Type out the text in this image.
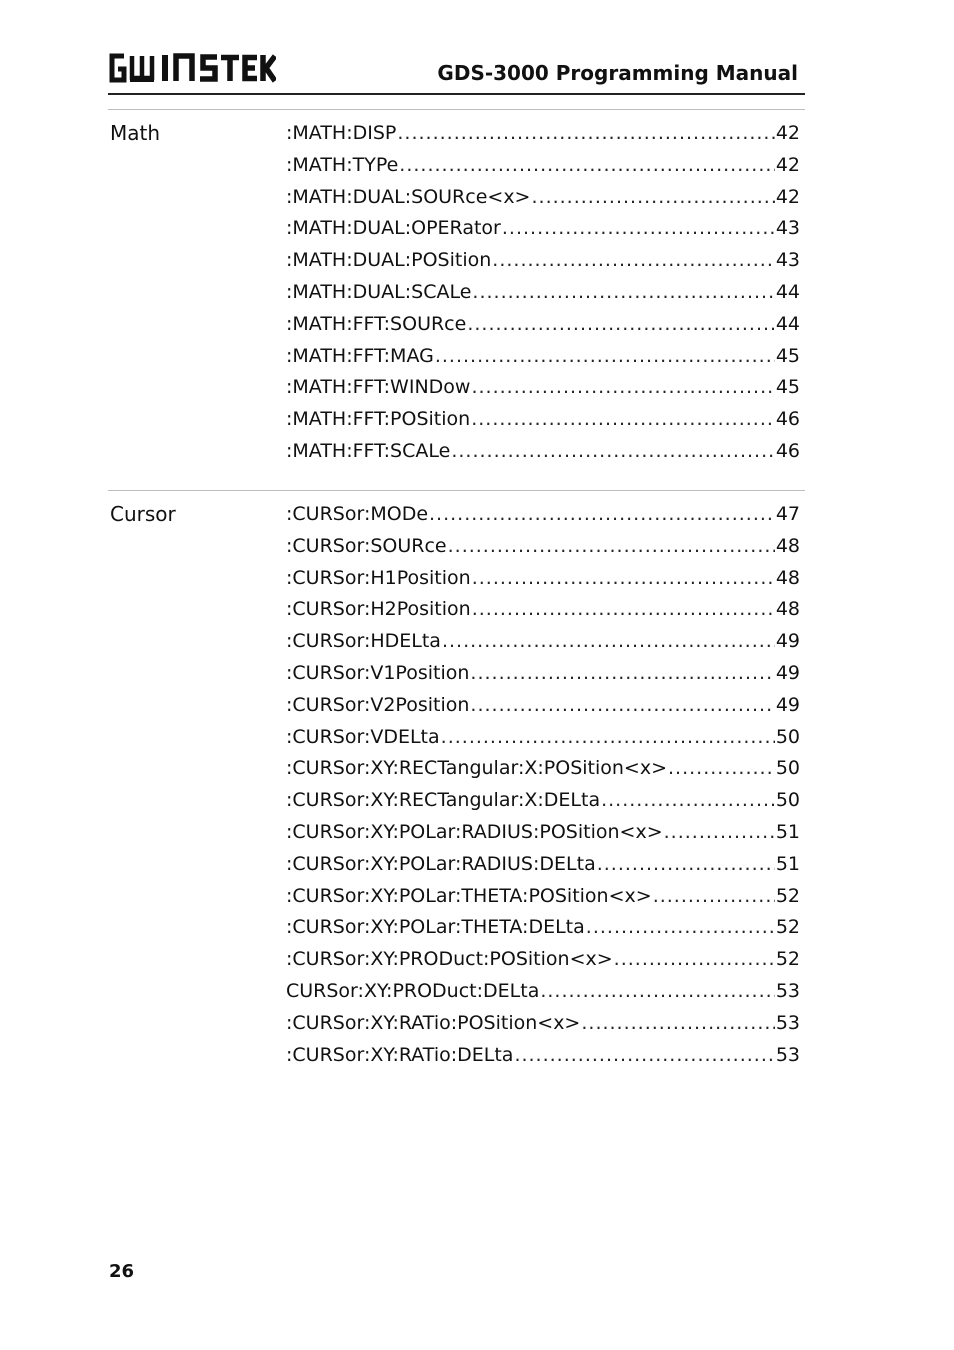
GDS-3000 Programming Manual
Math	:MATH:DISP .....	42
:MATH:TYPe .....	42
:MATH:DUAL:SOURce<x> .....	42
:MATH:DUAL:OPERator .....	43
:MATH:DUAL:POSition .....	43
:MATH:DUAL:SCALe .....	44
:MATH:FFT:SOURce .....	44
:MATH:FFT:MAG .....	45
:MATH:FFT:WINDow .....	45
:MATH:FFT:POSition .....	46
:MATH:FFT:SCALe .....	46
Cursor	:CURSor:MODe .....	47
:CURSor:SOURce .....	48
:CURSor:H1Position .....	48
:CURSor:H2Position .....	48
:CURSor:HDELta .....	49
:CURSor:V1Position .....	49
:CURSor:V2Position .....	49
:CURSor:VDELta .....	50
:CURSor:XY:RECTangular:X:POSition<x> .....	50
:CURSor:XY:RECTangular:X:DELta .....	50
:CURSor:XY:POLar:RADIUS:POSition<x> .....	51
:CURSor:XY:POLar:RADIUS:DELta .....	51
:CURSor:XY:POLar:THETA:POSition<x> .....	52
:CURSor:XY:POLar:THETA:DELta .....	52
:CURSor:XY:PRODuct:POSition<x> .....	52
CURSor:XY:PRODuct:DELta .....	53
:CURSor:XY:RATio:POSition<x> .....	53
:CURSor:XY:RATio:DELta .....	53
26
